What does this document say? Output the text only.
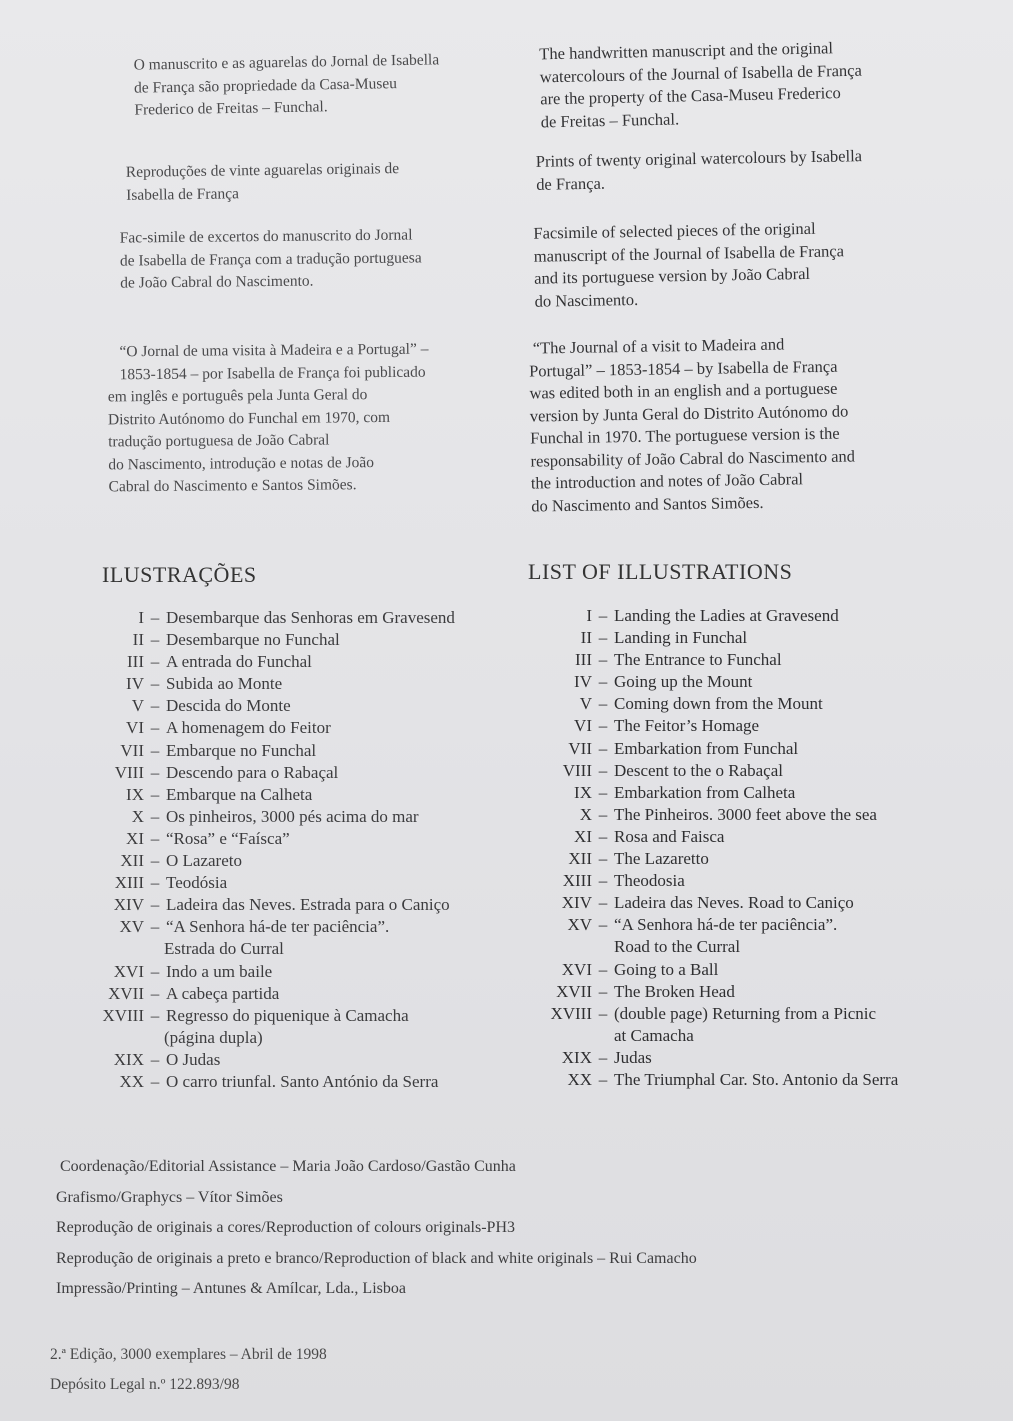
O manuscrito e as aguarelas do Jornal de Isabella
de França são propriedade da Casa-Museu
Frederico de Freitas – Funchal.
Reproduções de vinte aguarelas originais de
Isabella de França
Fac-simile de excertos do manuscrito do Jornal
de Isabella de França com a tradução portuguesa
de João Cabral do Nascimento.
“O Jornal de uma visita à Madeira e a Portugal” –
1853-1854 – por Isabella de França foi publicado
em inglês e português pela Junta Geral do
Distrito Autónomo do Funchal em 1970, com
tradução portuguesa de João Cabral
do Nascimento, introdução e notas de João
Cabral do Nascimento e Santos Simões.
The handwritten manuscript and the original
watercolours of the Journal of Isabella de França
are the property of the Casa-Museu Frederico
de Freitas – Funchal.
Prints of twenty original watercolours by Isabella
de França.
Facsimile of selected pieces of the original
manuscript of the Journal of Isabella de França
and its portuguese version by João Cabral
do Nascimento.
“The Journal of a visit to Madeira and
Portugal” – 1853-1854 – by Isabella de França
was edited both in an english and a portuguese
version by Junta Geral do Distrito Autónomo do
Funchal in 1970. The portuguese version is the
responsability of João Cabral do Nascimento and
the introduction and notes of João Cabral
do Nascimento and Santos Simões.
ILUSTRAÇÕES	LIST OF ILLUSTRATIONS
I – Desembarque das Senhoras em Gravesend
II – Desembarque no Funchal
III – A entrada do Funchal
IV – Subida ao Monte
V – Descida do Monte
VI – A homenagem do Feitor
VII – Embarque no Funchal
VIII – Descendo para o Rabaçal
IX – Embarque na Calheta
X – Os pinheiros, 3000 pés acima do mar
XI – “Rosa” e “Faísca”
XII – O Lazareto
XIII – Teodósia
XIV – Ladeira das Neves. Estrada para o Caniço
XV – “A Senhora há-de ter paciência”.
Estrada do Curral
XVI – Indo a um baile
XVII – A cabeça partida
XVIII – Regresso do piquenique à Camacha
(página dupla)
XIX – O Judas
XX – O carro triunfal. Santo António da Serra
I – Landing the Ladies at Gravesend
II – Landing in Funchal
III – The Entrance to Funchal
IV – Going up the Mount
V – Coming down from the Mount
VI – The Feitor’s Homage
VII – Embarkation from Funchal
VIII – Descent to the o Rabaçal
IX – Embarkation from Calheta
X – The Pinheiros. 3000 feet above the sea
XI – Rosa and Faisca
XII – The Lazaretto
XIII – Theodosia
XIV – Ladeira das Neves. Road to Caniço
XV – “A Senhora há-de ter paciência”.
Road to the Curral
XVI – Going to a Ball
XVII – The Broken Head
XVIII – (double page) Returning from a Picnic
at Camacha
XIX – Judas
XX – The Triumphal Car. Sto. Antonio da Serra
Coordenação/Editorial Assistance – Maria João Cardoso/Gastão Cunha
Grafismo/Graphycs – Vítor Simões
Reprodução de originais a cores/Reproduction of colours originals-PH3
Reprodução de originais a preto e branco/Reproduction of black and white originals – Rui Camacho
Impressão/Printing – Antunes & Amílcar, Lda., Lisboa
2.ª Edição, 3000 exemplares – Abril de 1998
Depósito Legal n.º 122.893/98
